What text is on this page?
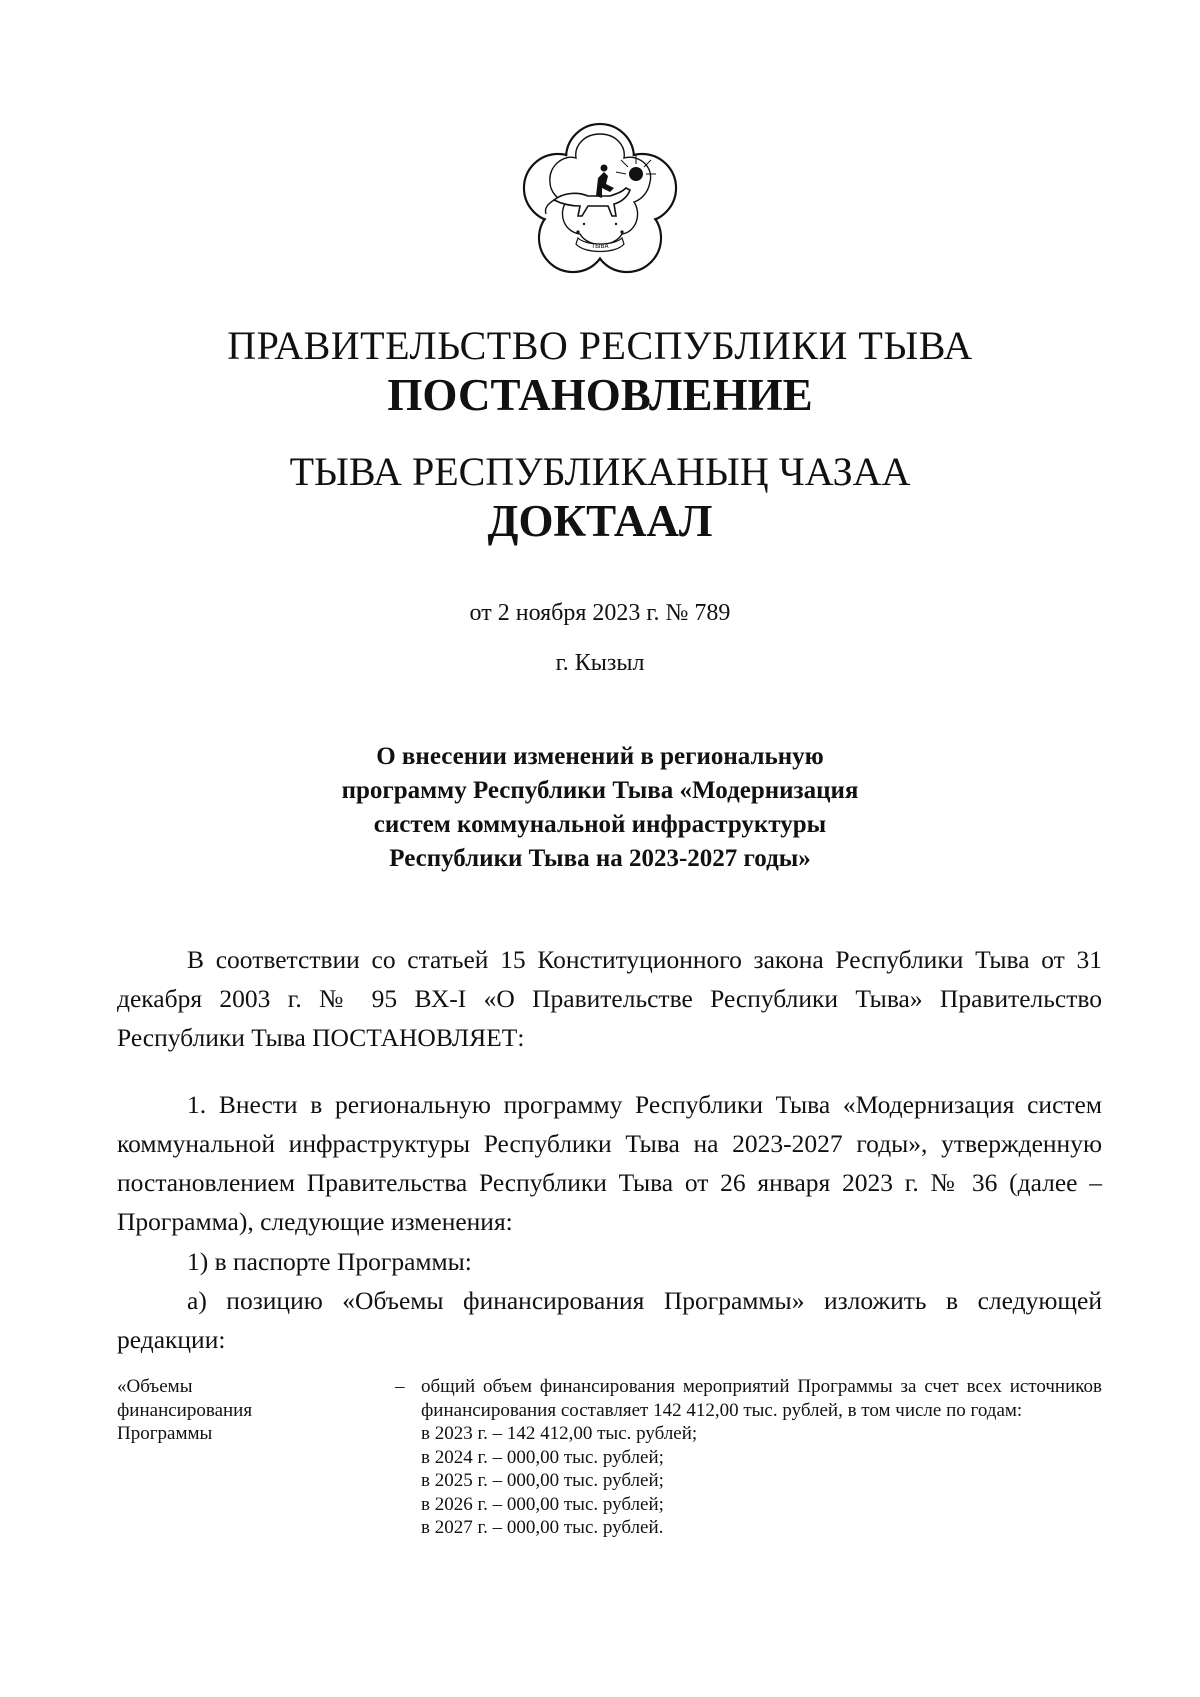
ТЫВА
ПРАВИТЕЛЬСТВО РЕСПУБЛИКИ ТЫВА
ПОСТАНОВЛЕНИЕ
ТЫВА РЕСПУБЛИКАНЫҢ ЧАЗАА
ДОКТААЛ
от 2 ноября 2023 г. № 789
г. Кызыл
О внесении изменений в региональную
программу Республики Тыва «Модернизация
систем коммунальной инфраструктуры
Республики Тыва на 2023-2027 годы»

В соответствии со статьей 15 Конституционного закона Республики Тыва от 31 декабря 2003 г. № 95 ВХ-I «О Правительстве Республики Тыва» Правительство Республики Тыва ПОСТАНОВЛЯЕТ:

1. Внести в региональную программу Республики Тыва «Модернизация систем коммунальной инфраструктуры Республики Тыва на 2023-2027 годы», утвержденную постановлением Правительства Республики Тыва от 26 января 2023 г. № 36 (далее – Программа), следующие изменения:

1) в паспорте Программы:

а) позицию «Объемы финансирования Программы» изложить в следующей редакции:

«Объемы
финансирования
Программы
– общий объем финансирования мероприятий Программы за счет всех источников финансирования составляет 142 412,00 тыс. рублей, в том числе по годам:

в 2023 г. – 142 412,00 тыс. рублей;
в 2024 г. – 000,00 тыс. рублей;
в 2025 г. – 000,00 тыс. рублей;
в 2026 г. – 000,00 тыс. рублей;
в 2027 г. – 000,00 тыс. рублей.
